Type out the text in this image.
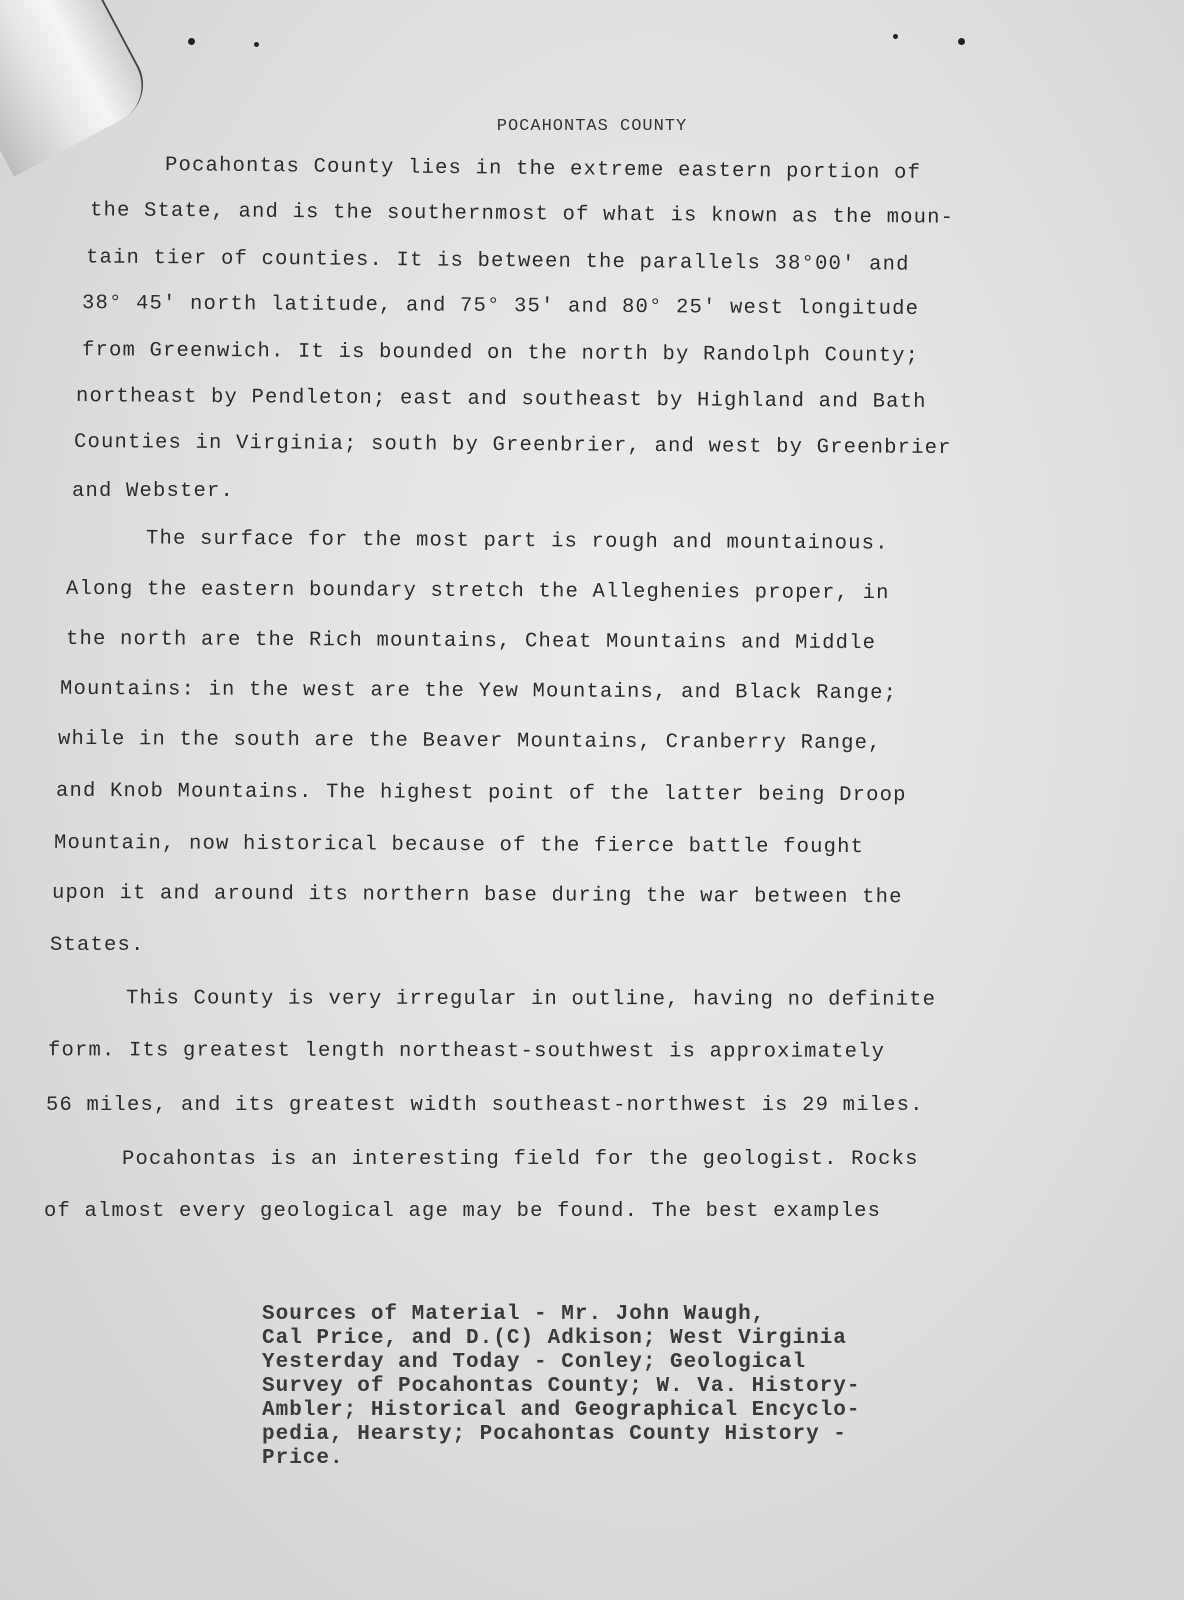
POCAHONTAS COUNTY
Pocahontas County lies in the extreme eastern portion of
the State, and is the southernmost of what is known as the moun-
tain tier of counties. It is between the parallels 38°00' and
38° 45' north latitude, and 75° 35' and 80° 25' west longitude
from Greenwich. It is bounded on the north by Randolph County;
northeast by Pendleton; east and southeast by Highland and Bath
Counties in Virginia; south by Greenbrier, and west by Greenbrier
and Webster.
The surface for the most part is rough and mountainous.
Along the eastern boundary stretch the Alleghenies proper, in
the north are the Rich mountains, Cheat Mountains and Middle
Mountains: in the west are the Yew Mountains, and Black Range;
while in the south are the Beaver Mountains, Cranberry Range,
and Knob Mountains. The highest point of the latter being Droop
Mountain, now historical because of the fierce battle fought
upon it and around its northern base during the war between the
States.
This County is very irregular in outline, having no definite
form. Its greatest length northeast-southwest is approximately
56 miles, and its greatest width southeast-northwest is 29 miles.
Pocahontas is an interesting field for the geologist. Rocks
of almost every geological age may be found. The best examples
Sources of Material - Mr. John Waugh,
Cal Price, and D.(C) Adkison; West Virginia
Yesterday and Today - Conley; Geological
Survey of Pocahontas County; W. Va. History-
Ambler; Historical and Geographical Encyclo-
pedia, Hearsty; Pocahontas County History -
Price.
